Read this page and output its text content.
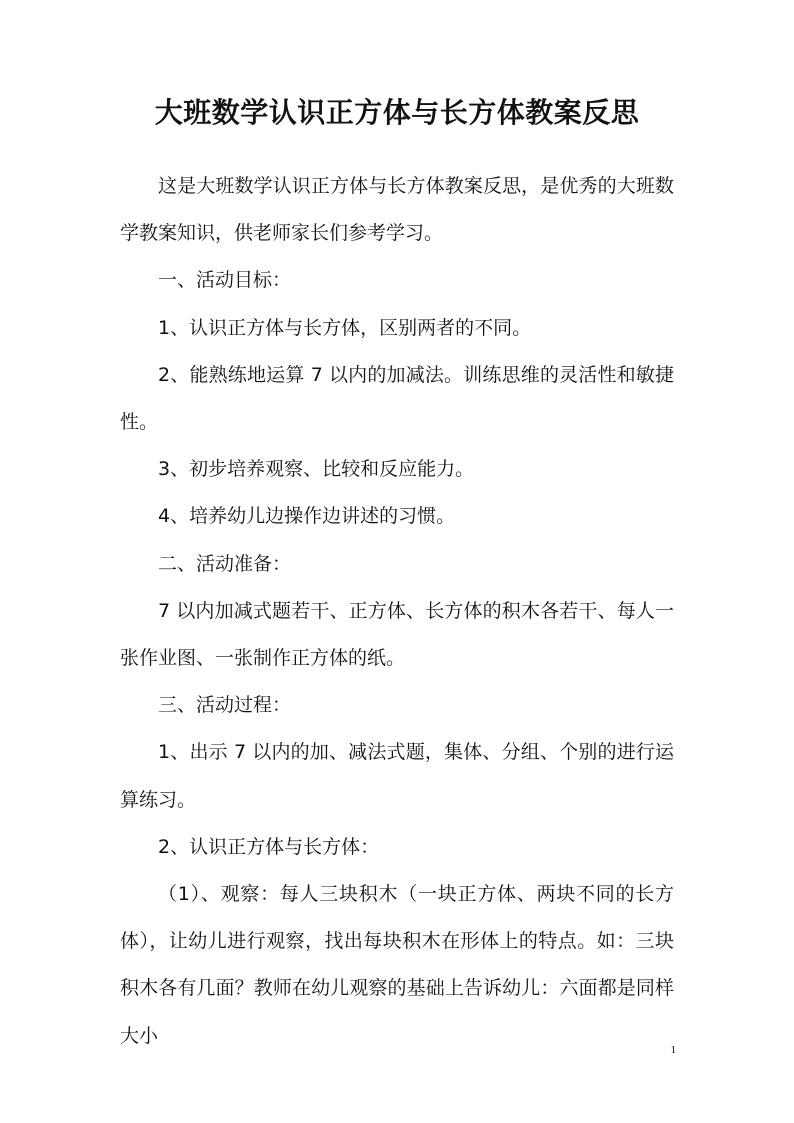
大班数学认识正方体与长方体教案反思

这是大班数学认识正方体与长方体教案反思，是优秀的大班数学教案知识，供老师家长们参考学习。

一、活动目标：

1、认识正方体与长方体，区别两者的不同。

2、能熟练地运算 7 以内的加减法。训练思维的灵活性和敏捷性。

3、初步培养观察、比较和反应能力。

4、培养幼儿边操作边讲述的习惯。

二、活动准备：

7 以内加减式题若干、正方体、长方体的积木各若干、每人一张作业图、一张制作正方体的纸。

三、活动过程：

1、出示 7 以内的加、减法式题，集体、分组、个别的进行运算练习。

2、认识正方体与长方体：

（1）、观察：每人三块积木（一块正方体、两块不同的长方体），让幼儿进行观察，找出每块积木在形体上的特点。如：三块积木各有几面？教师在幼儿观察的基础上告诉幼儿：六面都是同样大小

1
